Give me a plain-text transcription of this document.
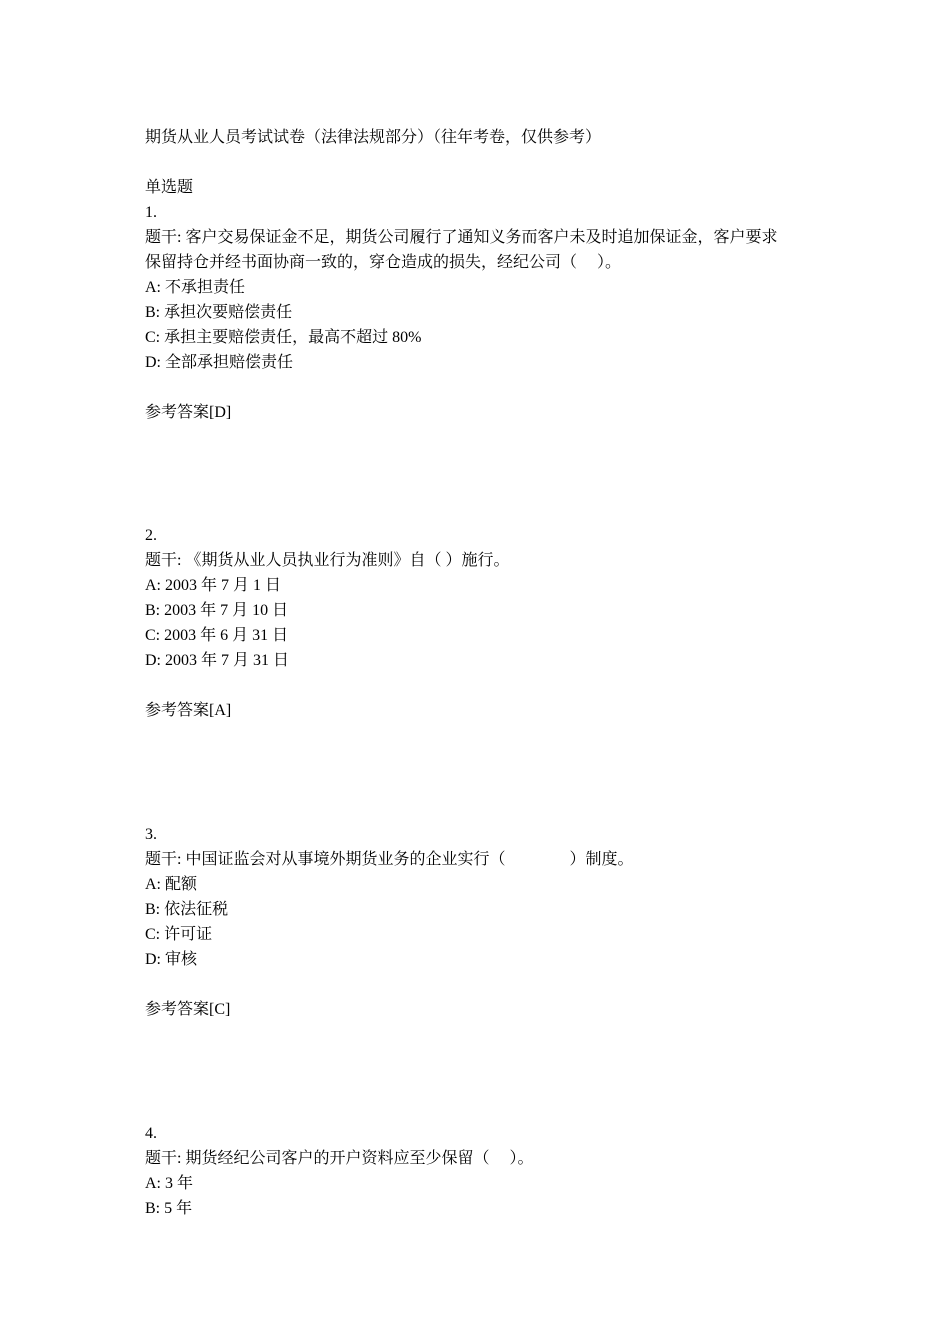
期货从业人员考试试卷（法律法规部分）（往年考卷，仅供参考）
单选题
1.
题干: 客户交易保证金不足，期货公司履行了通知义务而客户未及时追加保证金，客户要求
保留持仓并经书面协商一致的，穿仓造成的损失，经纪公司（　 ）。
A: 不承担责任
B: 承担次要赔偿责任
C: 承担主要赔偿责任，最高不超过 80%
D: 全部承担赔偿责任
参考答案[D]
2.
题干: 《期货从业人员执业行为准则》自（ ）施行。
A: 2003 年 7 月 1 日
B: 2003 年 7 月 10 日
C: 2003 年 6 月 31 日
D: 2003 年 7 月 31 日
参考答案[A]
3.
题干: 中国证监会对从事境外期货业务的企业实行（　　　　）制度。
A: 配额
B: 依法征税
C: 许可证
D: 审核
参考答案[C]
4.
题干: 期货经纪公司客户的开户资料应至少保留（　 ）。
A: 3 年
B: 5 年
